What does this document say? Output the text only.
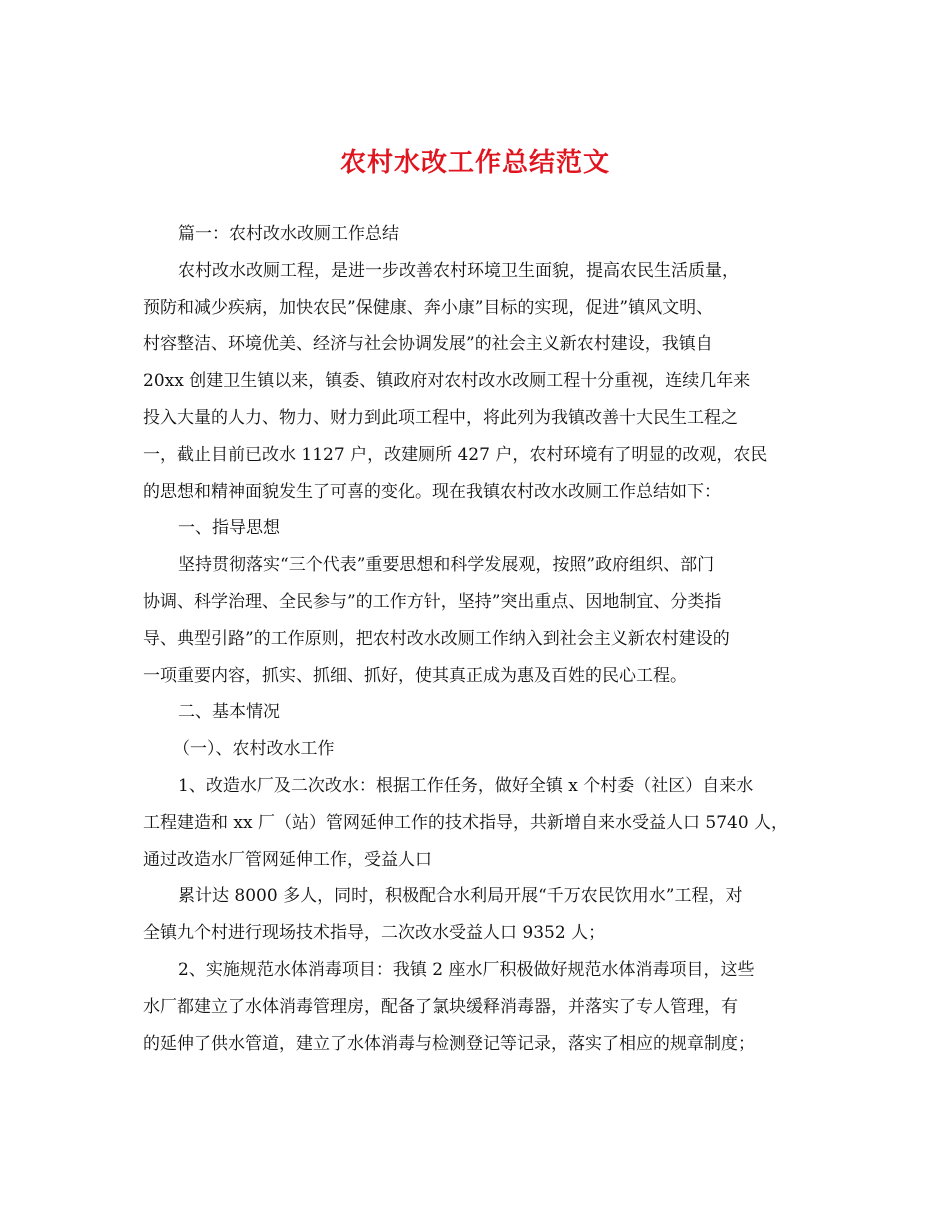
农村水改工作总结范文
篇一：农村改水改厕工作总结
农村改水改厕工程，是进一步改善农村环境卫生面貌，提高农民生活质量，
预防和减少疾病，加快农民”保健康、奔小康”目标的实现，促进”镇风文明、
村容整洁、环境优美、经济与社会协调发展”的社会主义新农村建设，我镇自
20xx 创建卫生镇以来，镇委、镇政府对农村改水改厕工程十分重视，连续几年来
投入大量的人力、物力、财力到此项工程中，将此列为我镇改善十大民生工程之
一，截止目前已改水 1127 户，改建厕所 427 户，农村环境有了明显的改观，农民
的思想和精神面貌发生了可喜的变化。现在我镇农村改水改厕工作总结如下：
一、指导思想
坚持贯彻落实“三个代表”重要思想和科学发展观，按照”政府组织、部门
协调、科学治理、全民参与”的工作方针，坚持”突出重点、因地制宜、分类指
导、典型引路”的工作原则，把农村改水改厕工作纳入到社会主义新农村建设的
一项重要内容，抓实、抓细、抓好，使其真正成为惠及百姓的民心工程。
二、基本情况
（一）、农村改水工作
1、改造水厂及二次改水：根据工作任务，做好全镇 x 个村委（社区）自来水
工程建造和 xx 厂（站）管网延伸工作的技术指导，共新增自来水受益人口 5740 人，
通过改造水厂管网延伸工作，受益人口
累计达 8000 多人，同时，积极配合水利局开展“千万农民饮用水”工程，对
全镇九个村进行现场技术指导，二次改水受益人口 9352 人；
2、实施规范水体消毒项目：我镇 2 座水厂积极做好规范水体消毒项目，这些
水厂都建立了水体消毒管理房，配备了氯块缓释消毒器，并落实了专人管理，有
的延伸了供水管道，建立了水体消毒与检测登记等记录，落实了相应的规章制度；
